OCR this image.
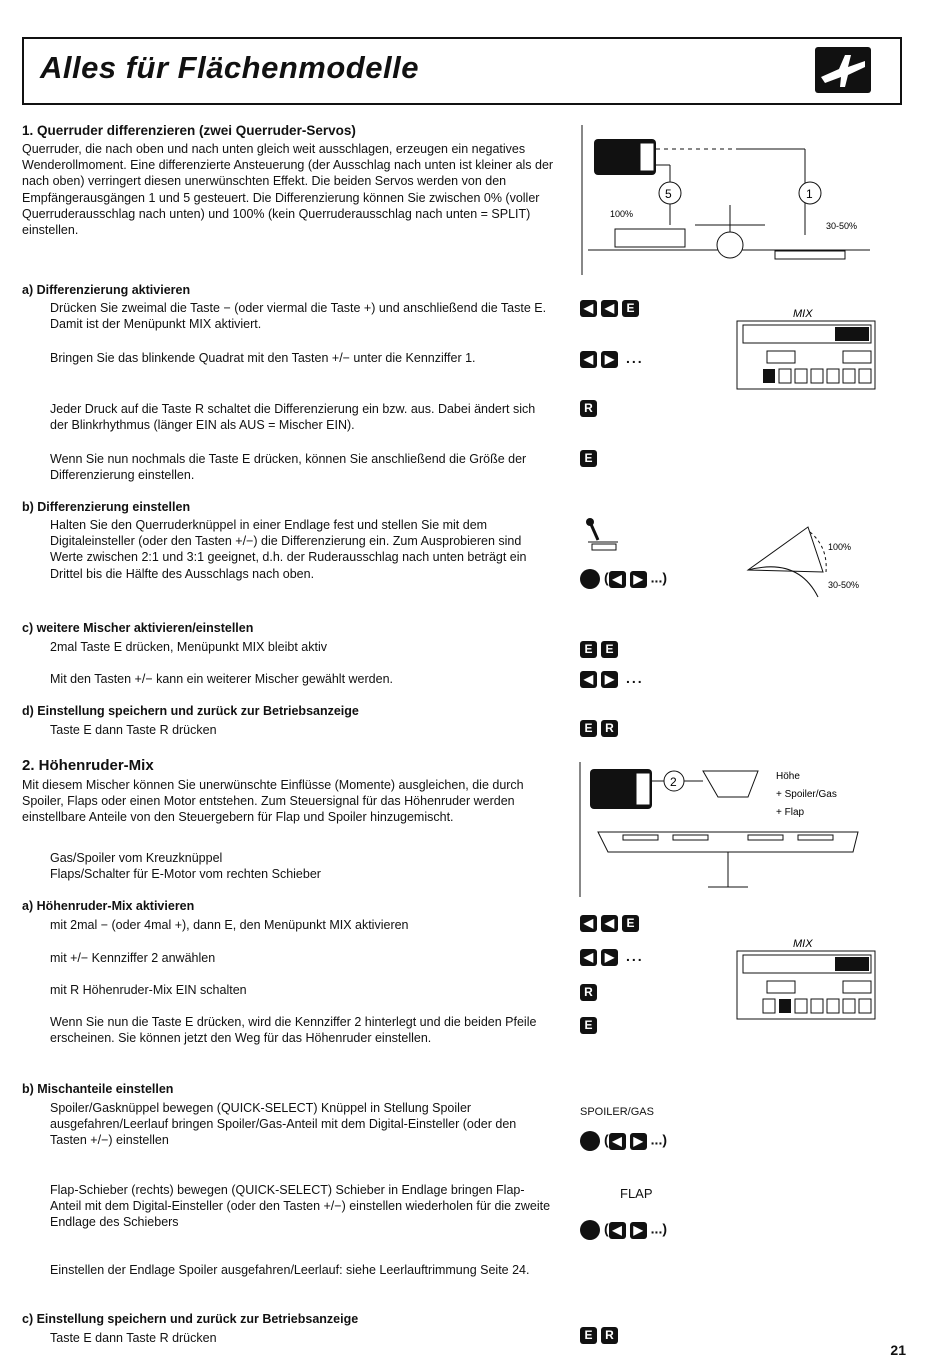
Alles für Flächenmodelle
1. Querruder differenzieren (zwei Querruder-Servos)
Querruder, die nach oben und nach unten gleich weit ausschlagen, erzeugen ein negatives Wenderollmoment. Eine differenzierte Ansteuerung (der Ausschlag nach unten ist kleiner als der nach oben) verringert diesen unerwünschten Effekt. Die beiden Servos werden von den Empfängerausgängen 1 und 5 gesteuert. Die Differenzierung können Sie zwischen 0% (voller Querruderausschlag nach unten) und 100% (kein Querruderausschlag nach unten = SPLIT) einstellen.
a) Differenzierung aktivieren
Drücken Sie zweimal die Taste − (oder viermal die Taste +) und anschließend die Taste E. Damit ist der Menüpunkt MIX aktiviert.
Bringen Sie das blinkende Quadrat mit den Tasten +/− unter die Kennziffer 1.
Jeder Druck auf die Taste R schaltet die Differenzierung ein bzw. aus. Dabei ändert sich der Blinkrhythmus (länger EIN als AUS = Mischer EIN).
Wenn Sie nun nochmals die Taste E drücken, können Sie anschließend die Größe der Differenzierung einstellen.
b) Differenzierung einstellen
Halten Sie den Querruderknüppel in einer Endlage fest und stellen Sie mit dem Digitaleinsteller (oder den Tasten +/−) die Differenzierung ein. Zum Ausprobieren sind Werte zwischen 2:1 und 3:1 geeignet, d.h. der Ruderausschlag nach unten beträgt ein Drittel bis die Hälfte des Ausschlags nach oben.
c) weitere Mischer aktivieren/einstellen
2mal Taste E drücken, Menüpunkt MIX bleibt aktiv
Mit den Tasten +/− kann ein weiterer Mischer gewählt werden.
d) Einstellung speichern und zurück zur Betriebsanzeige
Taste E dann Taste R drücken
2. Höhenruder-Mix
Mit diesem Mischer können Sie unerwünschte Einflüsse (Momente) ausgleichen, die durch Spoiler, Flaps oder einen Motor entstehen. Zum Steuersignal für das Höhenruder werden einstellbare Anteile von den Steuergebern für Flap und Spoiler hinzugemischt.
Gas/Spoiler vom Kreuzknüppel
Flaps/Schalter für E-Motor vom rechten Schieber
a) Höhenruder-Mix aktivieren
mit 2mal − (oder 4mal +), dann E, den Menüpunkt MIX aktivieren
mit +/− Kennziffer 2 anwählen
mit R Höhenruder-Mix EIN schalten
Wenn Sie nun die Taste E drücken, wird die Kennziffer 2 hinterlegt und die beiden Pfeile erscheinen. Sie können jetzt den Weg für das Höhenruder einstellen.
b) Mischanteile einstellen
Spoiler/Gasknüppel bewegen (QUICK-SELECT) Knüppel in Stellung Spoiler ausgefahren/Leerlauf bringen Spoiler/Gas-Anteil mit dem Digital-Einsteller (oder den Tasten +/−) einstellen
Flap-Schieber (rechts) bewegen (QUICK-SELECT) Schieber in Endlage bringen Flap-Anteil mit dem Digital-Einsteller (oder den Tasten +/−) einstellen wiederholen für die zweite Endlage des Schiebers
Einstellen der Endlage Spoiler ausgefahren/Leerlauf: siehe Leerlauftrimmung Seite 24.
c) Einstellung speichern und zurück zur Betriebsanzeige
Taste E dann Taste R drücken
5	1
100%
30-50%
◀ ◀ E
◀ ▶ ...
R
E
MIX
100%
30-50%
( ◀ ▶ ...)
E E
◀ ▶ ...
E R
2	Höhe
+ Spoiler/Gas
+ Flap
◀ ◀ E
◀ ▶ ...
R
E
MIX
SPOILER/GAS
( ◀ ▶ ...)
FLAP
( ◀ ▶ ...)
E R
21
